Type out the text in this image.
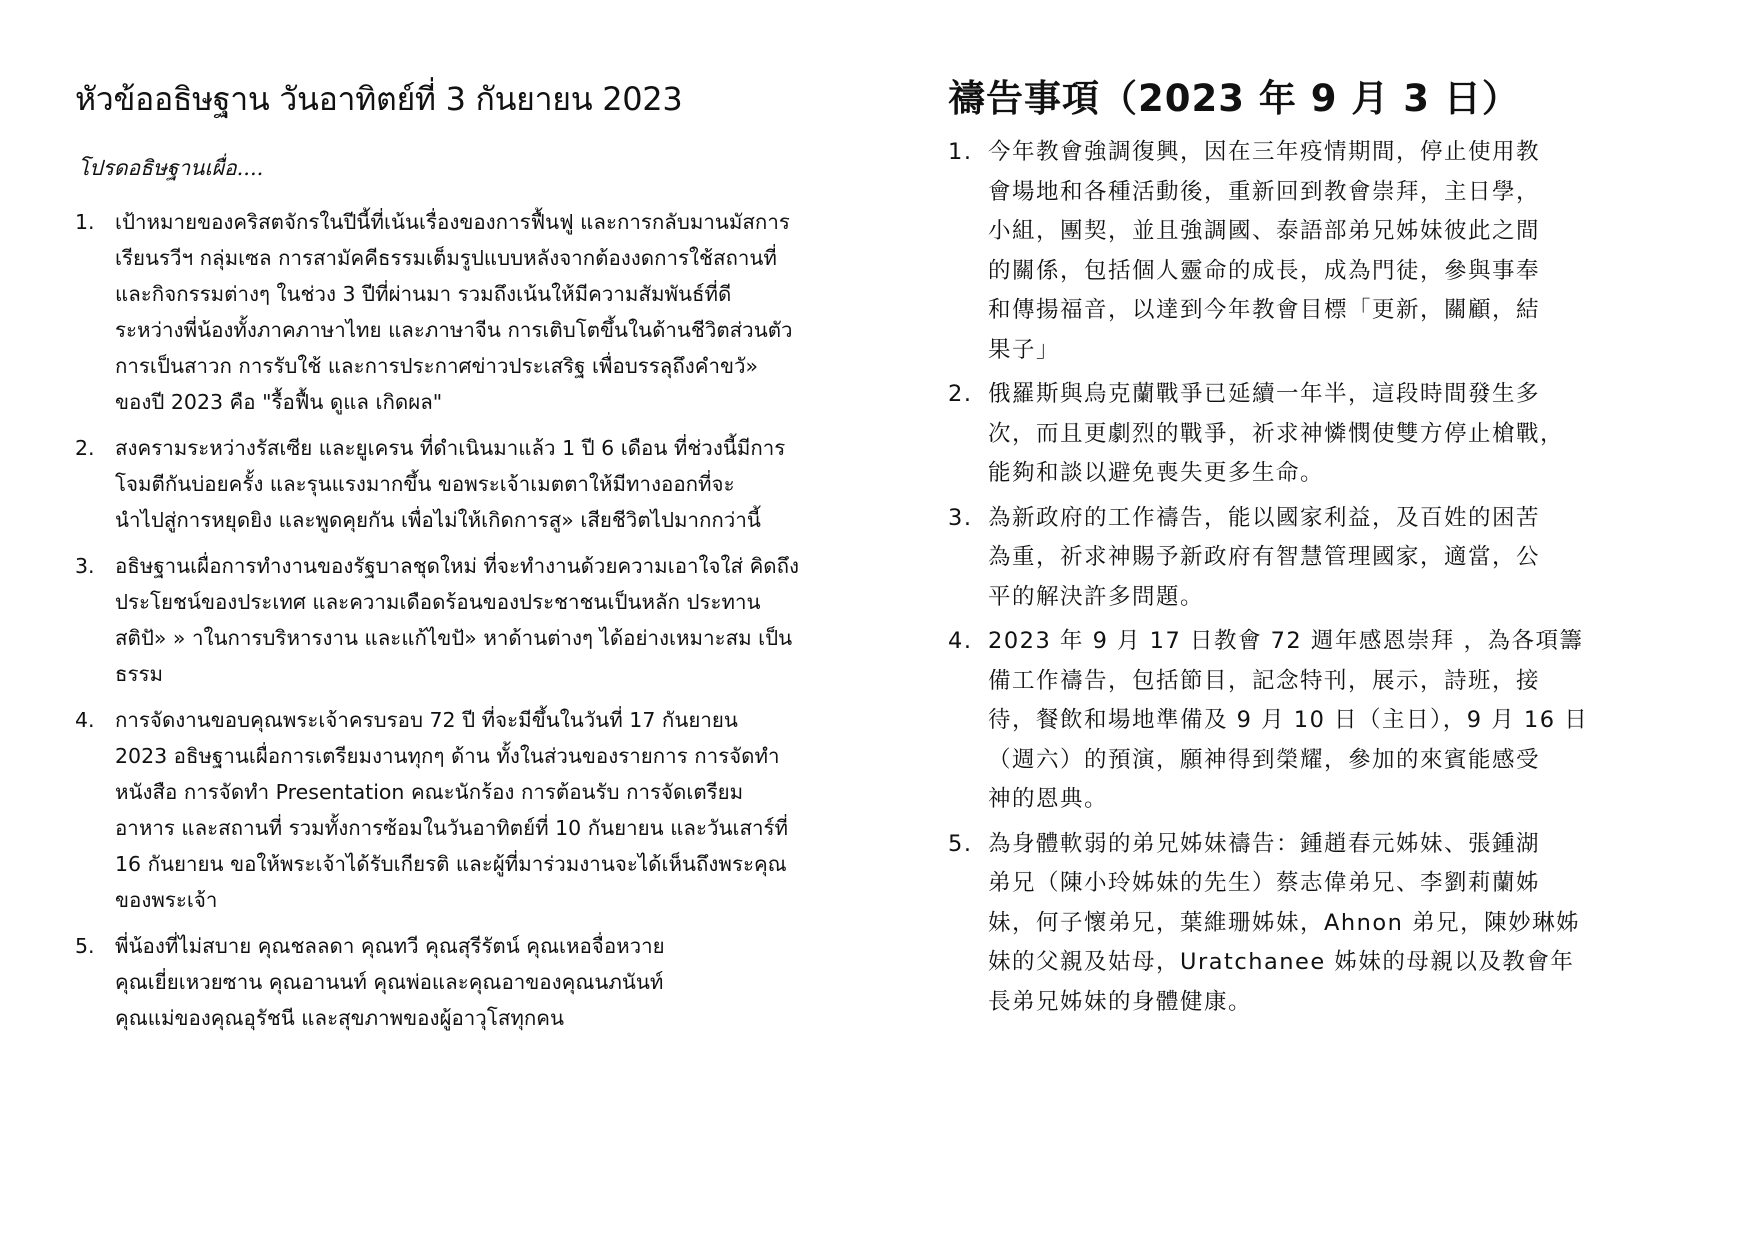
หัวข้ออธิษฐาน วันอาทิตย์ที่ 3 กันยายน 2023

โปรดอธิษฐานเผื่อ....

1. เป้าหมายของคริสตจักรในปีนี้ที่เน้นเรื่องของการฟื้นฟู และการกลับมานมัสการ
เรียนรวีฯ กลุ่มเซล การสามัคคีธรรมเต็มรูปแบบหลังจากต้องงดการใช้สถานที่
และกิจกรรมต่างๆ ในช่วง 3 ปีที่ผ่านมา รวมถึงเน้นให้มีความสัมพันธ์ที่ดี
ระหว่างพี่น้องทั้งภาคภาษาไทย และภาษาจีน การเติบโตขึ้นในด้านชีวิตส่วนตัว
การเป็นสาวก การรับใช้ และการประกาศข่าวประเสริฐ เพื่อบรรลุถึงคำขวั»
ของปี 2023 คือ "รื้อฟื้น ดูแล เกิดผล"
2. สงครามระหว่างรัสเซีย และยูเครน ที่ดำเนินมาแล้ว 1 ปี 6 เดือน ที่ช่วงนี้มีการ
โจมตีกันบ่อยครั้ง และรุนแรงมากขึ้น ขอพระเจ้าเมตตาให้มีทางออกที่จะ
นำไปสู่การหยุดยิง และพูดคุยกัน เพื่อไม่ให้เกิดการสู» เสียชีวิตไปมากกว่านี้
3. อธิษฐานเผื่อการทำงานของรัฐบาลชุดใหม่ ที่จะทำงานด้วยความเอาใจใส่ คิดถึง
ประโยชน์ของประเทศ และความเดือดร้อนของประชาชนเป็นหลัก ประทาน
สติปั» » าในการบริหารงาน และแก้ไขปั» หาด้านต่างๆ ได้อย่างเหมาะสม เป็น
ธรรม
4. การจัดงานขอบคุณพระเจ้าครบรอบ 72 ปี ที่จะมีขึ้นในวันที่ 17 กันยายน
2023 อธิษฐานเผื่อการเตรียมงานทุกๆ ด้าน ทั้งในส่วนของรายการ การจัดทำ
หนังสือ การจัดทำ Presentation คณะนักร้อง การต้อนรับ การจัดเตรียม
อาหาร และสถานที่ รวมทั้งการซ้อมในวันอาทิตย์ที่ 10 กันยายน และวันเสาร์ที่
16 กันยายน ขอให้พระเจ้าได้รับเกียรติ และผู้ที่มาร่วมงานจะได้เห็นถึงพระคุณ
ของพระเจ้า
5. พี่น้องที่ไม่สบาย คุณชลลดา คุณทวี คุณสุรีรัตน์ คุณเหอจื่อหวาย
คุณเยี่ยเหวยซาน คุณอานนท์ คุณพ่อและคุณอาของคุณนภนันท์
คุณแม่ของคุณอุรัชนี และสุขภาพของผู้อาวุโสทุกคน
禱告事項（2023 年 9 月 3 日）
1. 今年教會強調復興，因在三年疫情期間，停止使用教
會場地和各種活動後，重新回到教會崇拜，主日學，
小組，團契，並且強調國、泰語部弟兄姊妹彼此之間
的關係，包括個人靈命的成長，成為門徒，參與事奉
和傳揚福音，以達到今年教會目標「更新，關顧，結
果子」
2. 俄羅斯與烏克蘭戰爭已延續一年半，這段時間發生多
次，而且更劇烈的戰爭，祈求神憐憫使雙方停止槍戰，
能夠和談以避免喪失更多生命。
3. 為新政府的工作禱告，能以國家利益，及百姓的困苦
為重，祈求神賜予新政府有智慧管理國家，適當，公
平的解決許多問題。
4. 2023 年 9 月 17 日教會 72 週年感恩崇拜 ，為各項籌
備工作禱告，包括節目，記念特刊，展示，詩班，接
待，餐飲和場地準備及 9 月 10 日（主日），9 月 16 日
（週六）的預演，願神得到榮耀，參加的來賓能感受
神的恩典。
5. 為身體軟弱的弟兄姊妹禱告：鍾趙春元姊妹、張鍾湖
弟兄（陳小玲姊妹的先生）蔡志偉弟兄、李劉莉蘭姊
妹，何子懷弟兄，葉維珊姊妹，Ahnon 弟兄，陳妙琳姊
妹的父親及姑母，Uratchanee 姊妹的母親以及教會年
長弟兄姊妹的身體健康。
